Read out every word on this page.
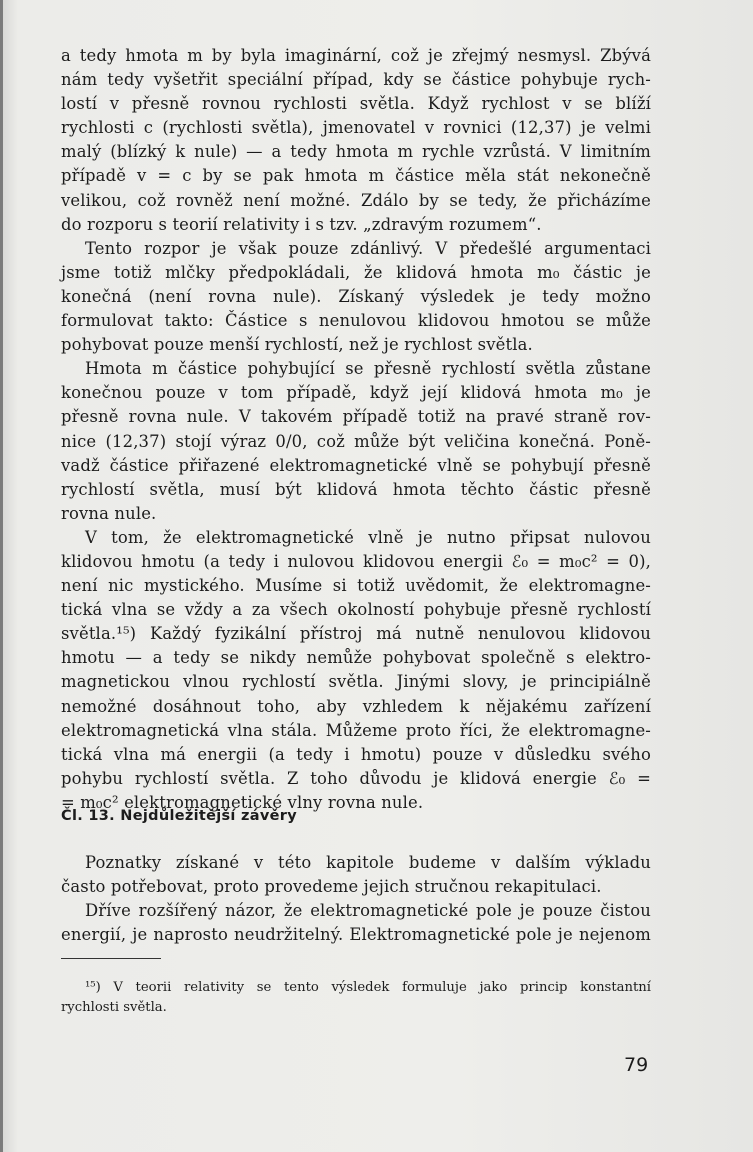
a tedy hmota m by byla imaginární, což je zřejmý nesmysl. Zbývá
nám tedy vyšetřit speciální případ, kdy se částice pohybuje rych-
lostí v přesně rovnou rychlosti světla. Když rychlost v se blíží
rychlosti c (rychlosti světla), jmenovatel v rovnici (12,37) je velmi
malý (blízký k nule) — a tedy hmota m rychle vzrůstá. V limitním
případě v = c by se pak hmota m částice měla stát nekonečně
velikou, což rovněž není možné. Zdálo by se tedy, že přicházíme
do rozporu s teorií relativity i s tzv. „zdravým rozumem“.
Tento rozpor je však pouze zdánlivý. V předešlé argumentaci
jsme totiž mlčky předpokládali, že klidová hmota m₀ částic je
konečná (není rovna nule). Získaný výsledek je tedy možno
formulovat takto: Částice s nenulovou klidovou hmotou se může
pohybovat pouze menší rychlostí, než je rychlost světla.
Hmota m částice pohybující se přesně rychlostí světla zůstane
konečnou pouze v tom případě, když její klidová hmota m₀ je
přesně rovna nule. V takovém případě totiž na pravé straně rov-
nice (12,37) stojí výraz 0/0, což může být veličina konečná. Poně-
vadž částice přiřazené elektromagnetické vlně se pohybují přesně
rychlostí světla, musí být klidová hmota těchto částic přesně
rovna nule.
V tom, že elektromagnetické vlně je nutno připsat nulovou
klidovou hmotu (a tedy i nulovou klidovou energii ℰ₀ = m₀c² = 0),
není nic mystického. Musíme si totiž uvědomit, že elektromagne-
tická vlna se vždy a za všech okolností pohybuje přesně rychlostí
světla.¹⁵) Každý fyzikální přístroj má nutně nenulovou klidovou
hmotu — a tedy se nikdy nemůže pohybovat společně s elektro-
magnetickou vlnou rychlostí světla. Jinými slovy, je principiálně
nemožné dosáhnout toho, aby vzhledem k nějakému zařízení
elektromagnetická vlna stála. Můžeme proto říci, že elektromagne-
tická vlna má energii (a tedy i hmotu) pouze v důsledku svého
pohybu rychlostí světla. Z toho důvodu je klidová energie ℰ₀ =
= m₀c² elektromagnetické vlny rovna nule.
Čl. 13. Nejdůležitější závěry
Poznatky získané v této kapitole budeme v dalším výkladu
často potřebovat, proto provedeme jejich stručnou rekapitulaci.
Dříve rozšířený názor, že elektromagnetické pole je pouze čistou
energií, je naprosto neudržitelný. Elektromagnetické pole je nejenom
¹⁵) V teorii relativity se tento výsledek formuluje jako princip konstantní
rychlosti světla.
79
